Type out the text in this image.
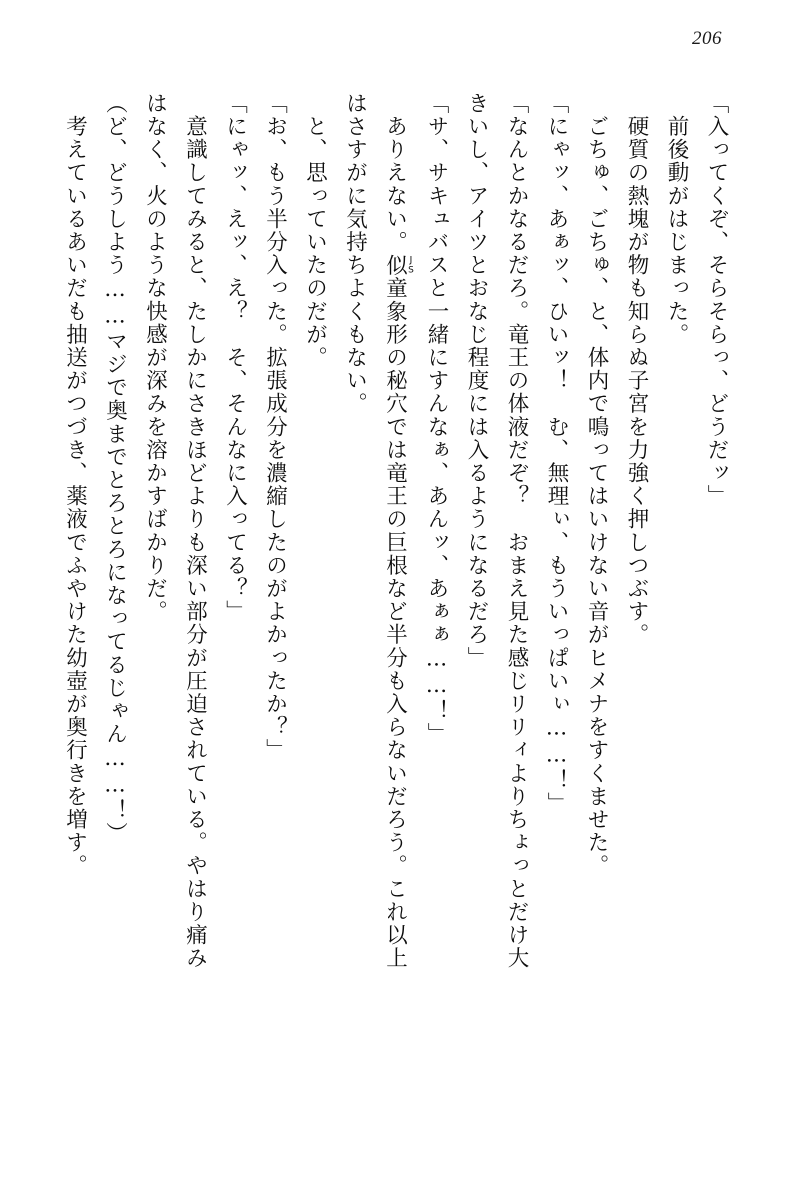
206

「入ってくぞ、そらそらっ、どうだッ」

　前後動がはじまった。

　硬質の熱塊が物も知らぬ子宮を力強く押しつぶす。

　ごちゅ、ごちゅ、と、体内で鳴ってはいけない音がヒメナをすくませた。

「にゃッ、あぁッ、ひいッ！　む、無理ぃ、もういっぱいぃ……！」

「なんとかなるだろ。竜王の体液だぞ？　おまえ見た感じリリィよりちょっとだけ大

きいし、アイツとおなじ程度には入るようになるだろ」

「サ、サキュバスと一緒にすんなぁ、あんッ、あぁぁ……！」

　ありえない。似JS童象形の秘穴では竜王の巨根など半分も入らないだろう。これ以上

はさすがに気持ちよくもない。

　と、思っていたのだが。

「お、もう半分入った。拡張成分を濃縮したのがよかったか？」

「にゃッ、えッ、え？　そ、そんなに入ってる？」

　意識してみると、たしかにさきほどよりも深い部分が圧迫されている。やはり痛み

はなく、火のような快感が深みを溶かすばかりだ。

（ど、どうしよう……マジで奥までとろとろになってるじゃん……！）

　考えているあいだも抽送がつづき、薬液でふやけた幼壺が奥行きを増す。
